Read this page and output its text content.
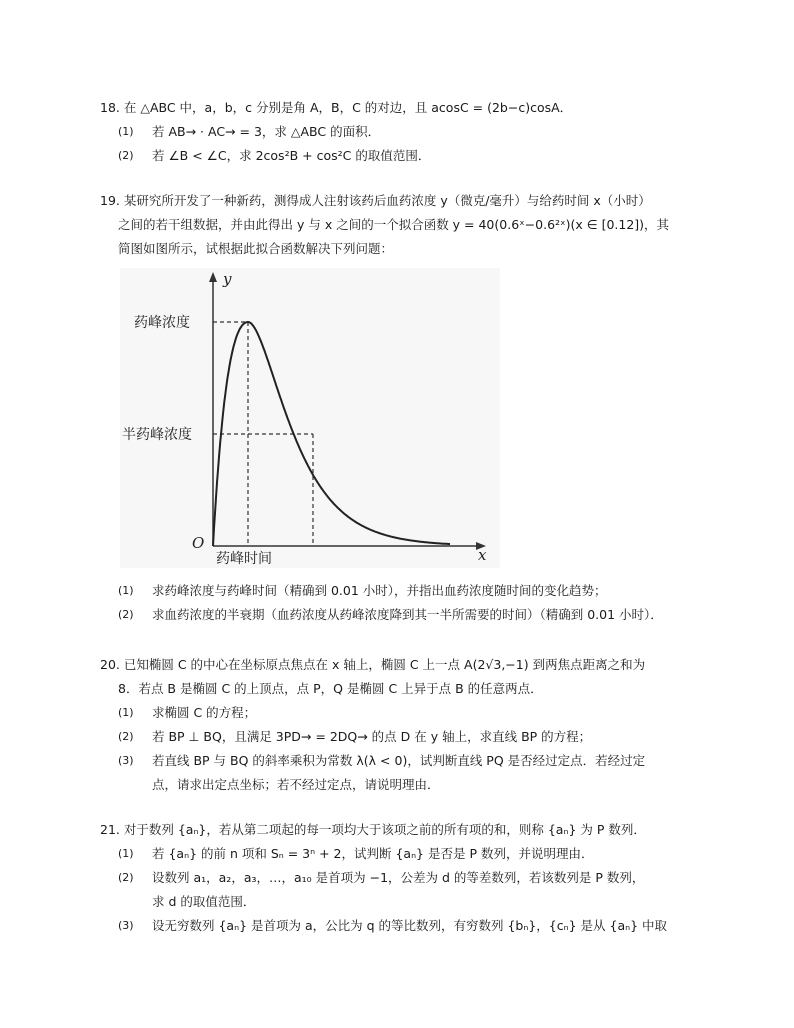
18. 在 △ABC 中，a，b，c 分别是角 A，B，C 的对边，且 acosC = (2b−c)cosA．
(1)	若 AB→ · AC→ = 3，求 △ABC 的面积．
(2)	若 ∠B < ∠C，求 2cos²B + cos²C 的取值范围．
19. 某研究所开发了一种新药，测得成人注射该药后血药浓度 y（微克/毫升）与给药时间 x（小时）
之间的若干组数据，并由此得出 y 与 x 之间的一个拟合函数 y = 40(0.6ˣ−0.6²ˣ)(x ∈ [0.12])，其
简图如图所示，试根据此拟合函数解决下列问题：
y
x
O
药峰浓度
半药峰浓度
药峰时间
(1)	求药峰浓度与药峰时间（精确到 0.01 小时），并指出血药浓度随时间的变化趋势；
(2)	求血药浓度的半衰期（血药浓度从药峰浓度降到其一半所需要的时间）（精确到 0.01 小时）．
20. 已知椭圆 C 的中心在坐标原点焦点在 x 轴上，椭圆 C 上一点 A(2√3,−1) 到两焦点距离之和为
8．若点 B 是椭圆 C 的上顶点，点 P，Q 是椭圆 C 上异于点 B 的任意两点．
(1)	求椭圆 C 的方程；
(2)	若 BP ⊥ BQ，且满足 3PD→ = 2DQ→ 的点 D 在 y 轴上，求直线 BP 的方程；
(3)	若直线 BP 与 BQ 的斜率乘积为常数 λ(λ < 0)，试判断直线 PQ 是否经过定点．若经过定
点，请求出定点坐标；若不经过定点，请说明理由．
21. 对于数列 {aₙ}，若从第二项起的每一项均大于该项之前的所有项的和，则称 {aₙ} 为 P 数列．
(1)	若 {aₙ} 的前 n 项和 Sₙ = 3ⁿ + 2，试判断 {aₙ} 是否是 P 数列，并说明理由．
(2)	设数列 a₁，a₂，a₃，…，a₁₀ 是首项为 −1，公差为 d 的等差数列，若该数列是 P 数列，
求 d 的取值范围．
(3)	设无穷数列 {aₙ} 是首项为 a，公比为 q 的等比数列，有穷数列 {bₙ}，{cₙ} 是从 {aₙ} 中取
